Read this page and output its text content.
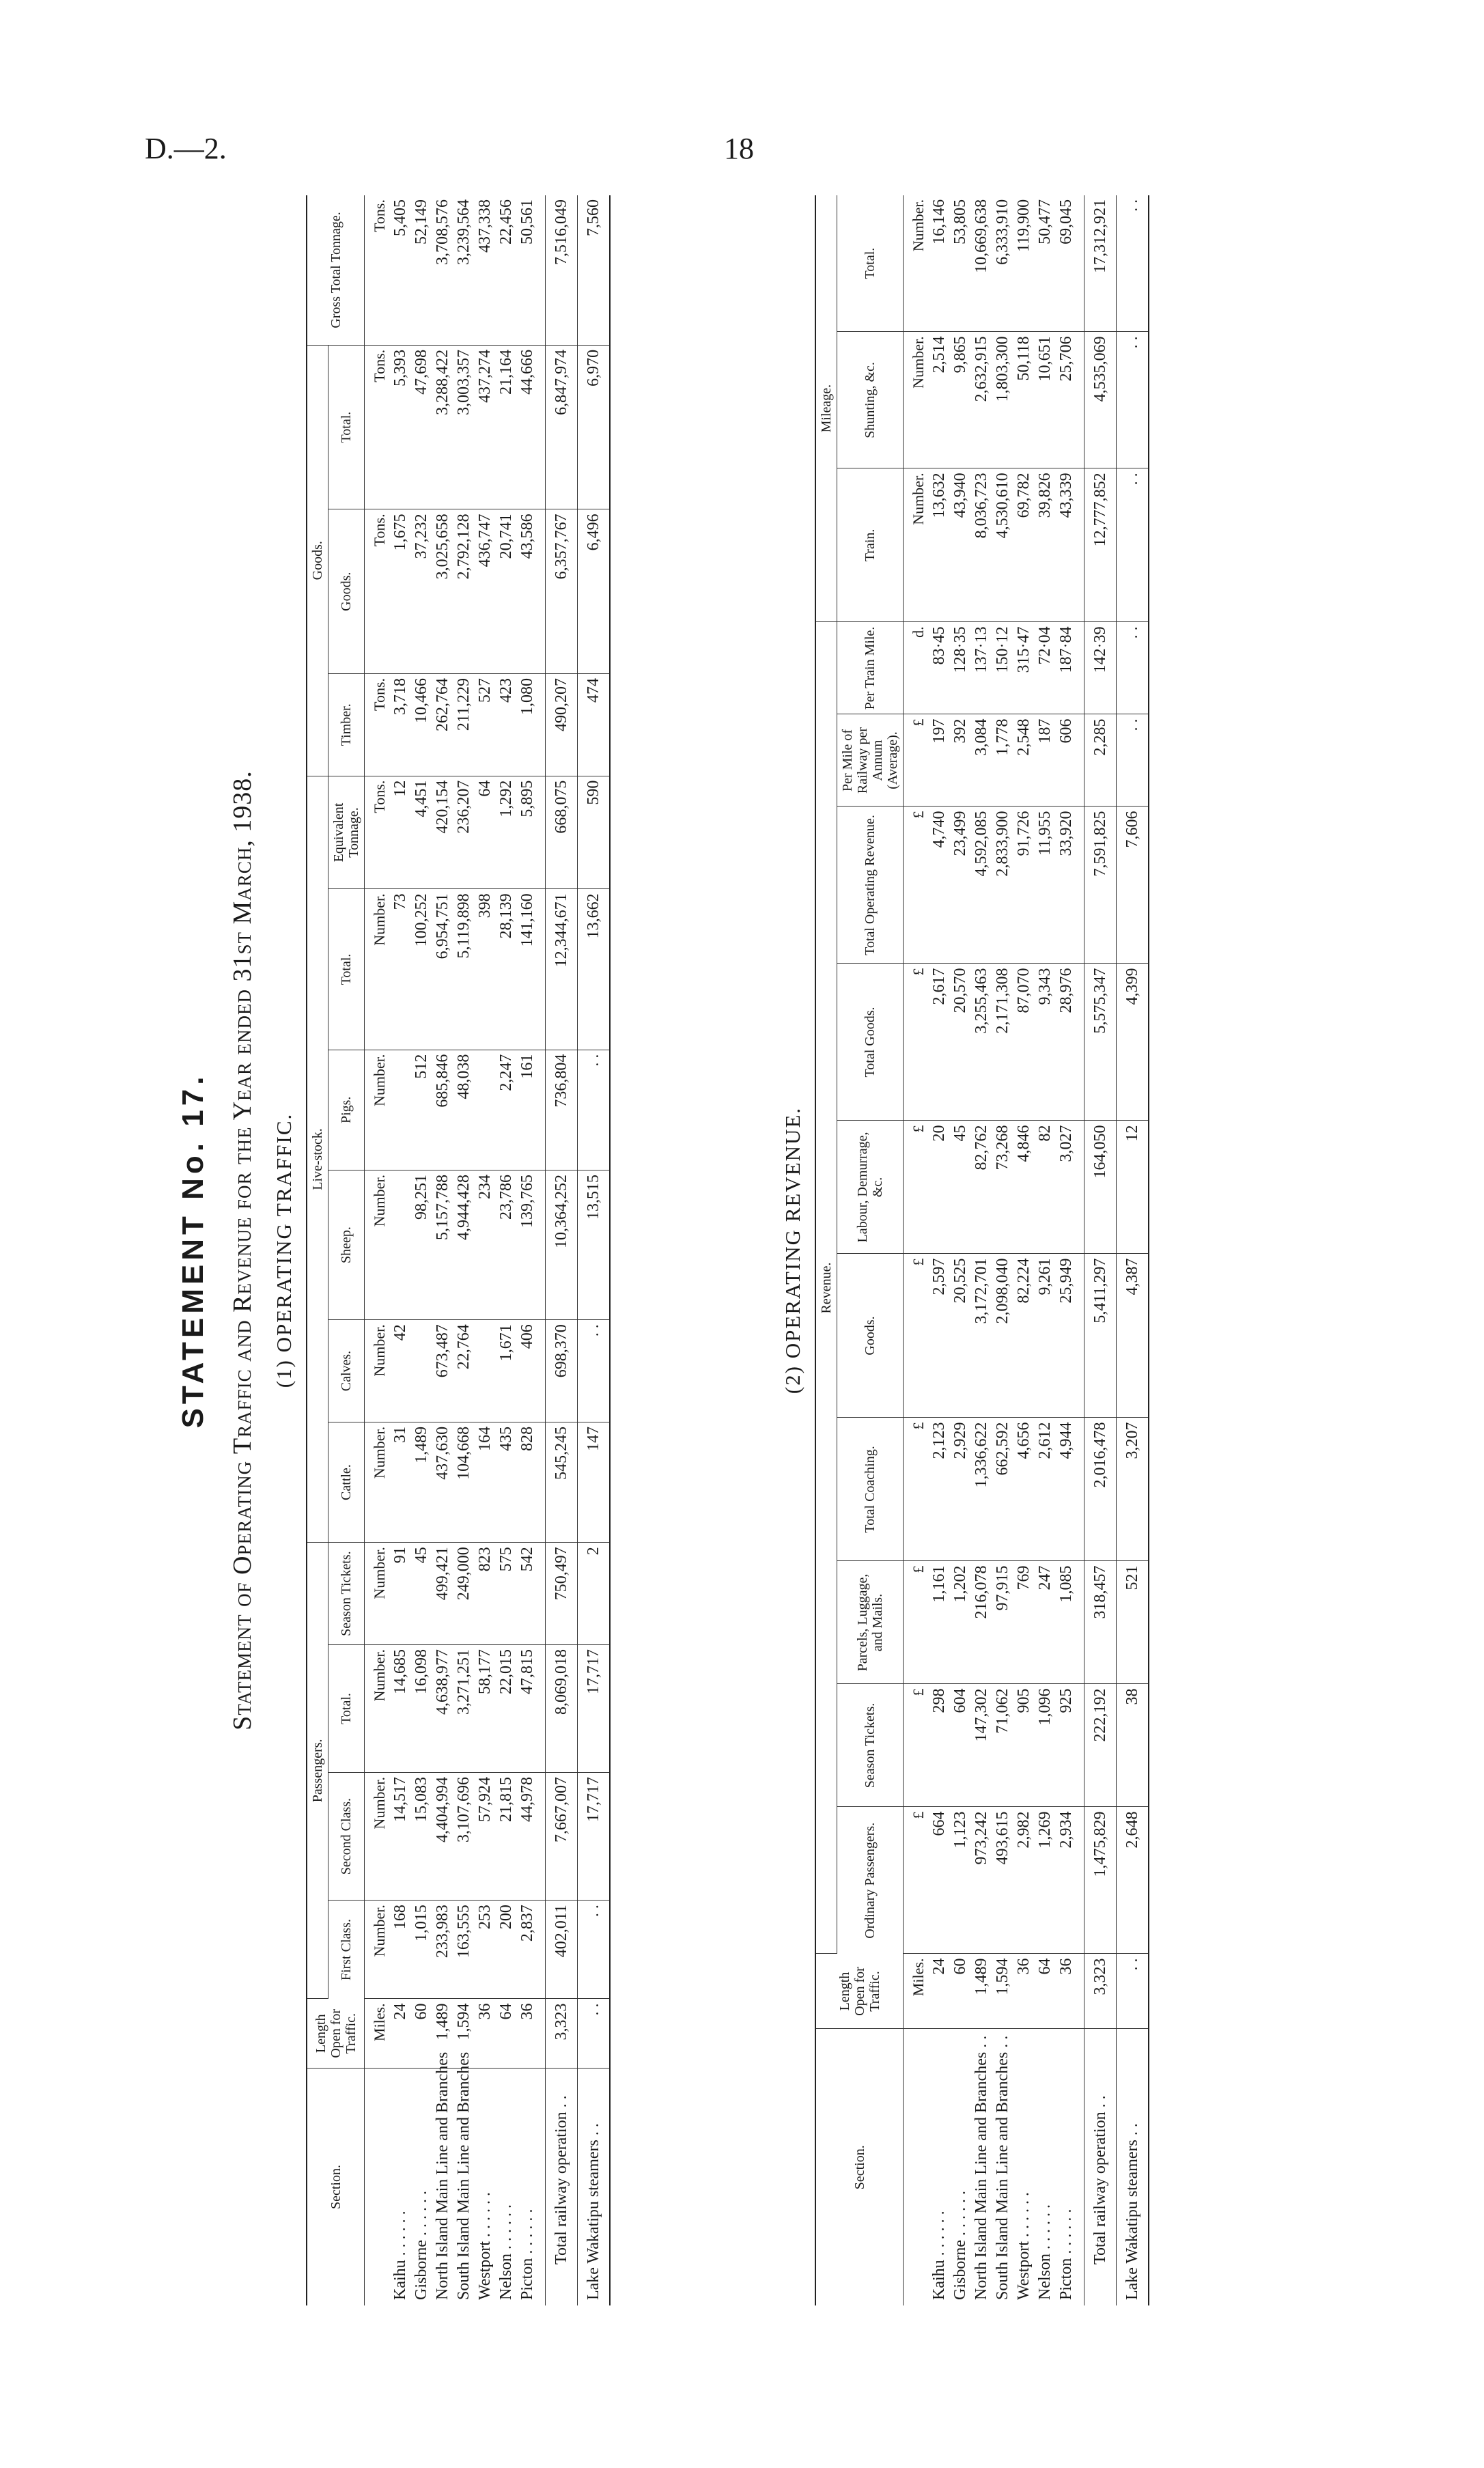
D.—2.	18
STATEMENT No. 17. Statement of Operating Traffic and Revenue for the Year ended 31st March, 1938. (1) OPERATING TRAFFIC.
Section.	Length Open for Traffic.	Passengers.				Live-stock.						Goods.			Gross Total Tonnage.
		First Class.	Second Class.	Total.	Season Tickets.	Cattle.	Calves.	Sheep.	Pigs.	Total.	Equivalent Tonnage.	Timber.	Goods.	Total.	
	Miles.	Number.	Number.	Number.	Number.	Number.	Number.	Number.	Number.	Number.	Tons.	Tons.	Tons.	Tons.	Tons.
Kaihu . . . . . .	24	168	14,517	14,685	91	31	42			73	12	3,718	1,675	5,393	5,405
Gisborne . . . . . .	60	1,015	15,083	16,098	45	1,489		98,251	512	100,252	4,451	10,466	37,232	47,698	52,149
North Island Main Line and Branches	1,489	233,983	4,404,994	4,638,977	499,421	437,630	673,487	5,157,788	685,846	6,954,751	420,154	262,764	3,025,658	3,288,422	3,708,576
South Island Main Line and Branches	1,594	163,555	3,107,696	3,271,251	249,000	104,668	22,764	4,944,428	48,038	5,119,898	236,207	211,229	2,792,128	3,003,357	3,239,564
Westport . . . . . .	36	253	57,924	58,177	823	164		234		398	64	527	436,747	437,274	437,338
Nelson . . . . . .	64	200	21,815	22,015	575	435	1,671	23,786	2,247	28,139	1,292	423	20,741	21,164	22,456
Picton . . . . . .	36	2,837	44,978	47,815	542	828	406	139,765	161	141,160	5,895	1,080	43,586	44,666	50,561
Total railway operation . .	3,323	402,011	7,667,007	8,069,018	750,497	545,245	698,370	10,364,252	736,804	12,344,671	668,075	490,207	6,357,767	6,847,974	7,516,049
Lake Wakatipu steamers . .	. .	. .	17,717	17,717	2	147	. .	13,515	. .	13,662	590	474	6,496	6,970	7,560
(2) OPERATING REVENUE.
Section.	Length Open for Traffic.	Revenue.										Mileage.		
		Ordinary Passengers.	Season Tickets.	Parcels, Luggage, and Mails.	Total Coaching.	Goods.	Labour, Demurrage, &c.	Total Goods.	Total Operating Revenue.	Per Mile of Railway per Annum (Average).	Per Train Mile.	Train.	Shunting, &c.	Total.
	Miles.	£	£	£	£	£	£	£	£	£	d.	Number.	Number.	Number.
Kaihu . . . . . .	24	664	298	1,161	2,123	2,597	20	2,617	4,740	197	83·45	13,632	2,514	16,146
Gisborne . . . . . .	60	1,123	604	1,202	2,929	20,525	45	20,570	23,499	392	128·35	43,940	9,865	53,805
North Island Main Line and Branches . .	1,489	973,242	147,302	216,078	1,336,622	3,172,701	82,762	3,255,463	4,592,085	3,084	137·13	8,036,723	2,632,915	10,669,638
South Island Main Line and Branches . .	1,594	493,615	71,062	97,915	662,592	2,098,040	73,268	2,171,308	2,833,900	1,778	150·12	4,530,610	1,803,300	6,333,910
Westport . . . . . .	36	2,982	905	769	4,656	82,224	4,846	87,070	91,726	2,548	315·47	69,782	50,118	119,900
Nelson . . . . . .	64	1,269	1,096	247	2,612	9,261	82	9,343	11,955	187	72·04	39,826	10,651	50,477
Picton . . . . . .	36	2,934	925	1,085	4,944	25,949	3,027	28,976	33,920	606	187·84	43,339	25,706	69,045
Total railway operation . .	3,323	1,475,829	222,192	318,457	2,016,478	5,411,297	164,050	5,575,347	7,591,825	2,285	142·39	12,777,852	4,535,069	17,312,921
Lake Wakatipu steamers . .	. .	2,648	38	521	3,207	4,387	12	4,399	7,606	. .	. .	. .	. .	. .
